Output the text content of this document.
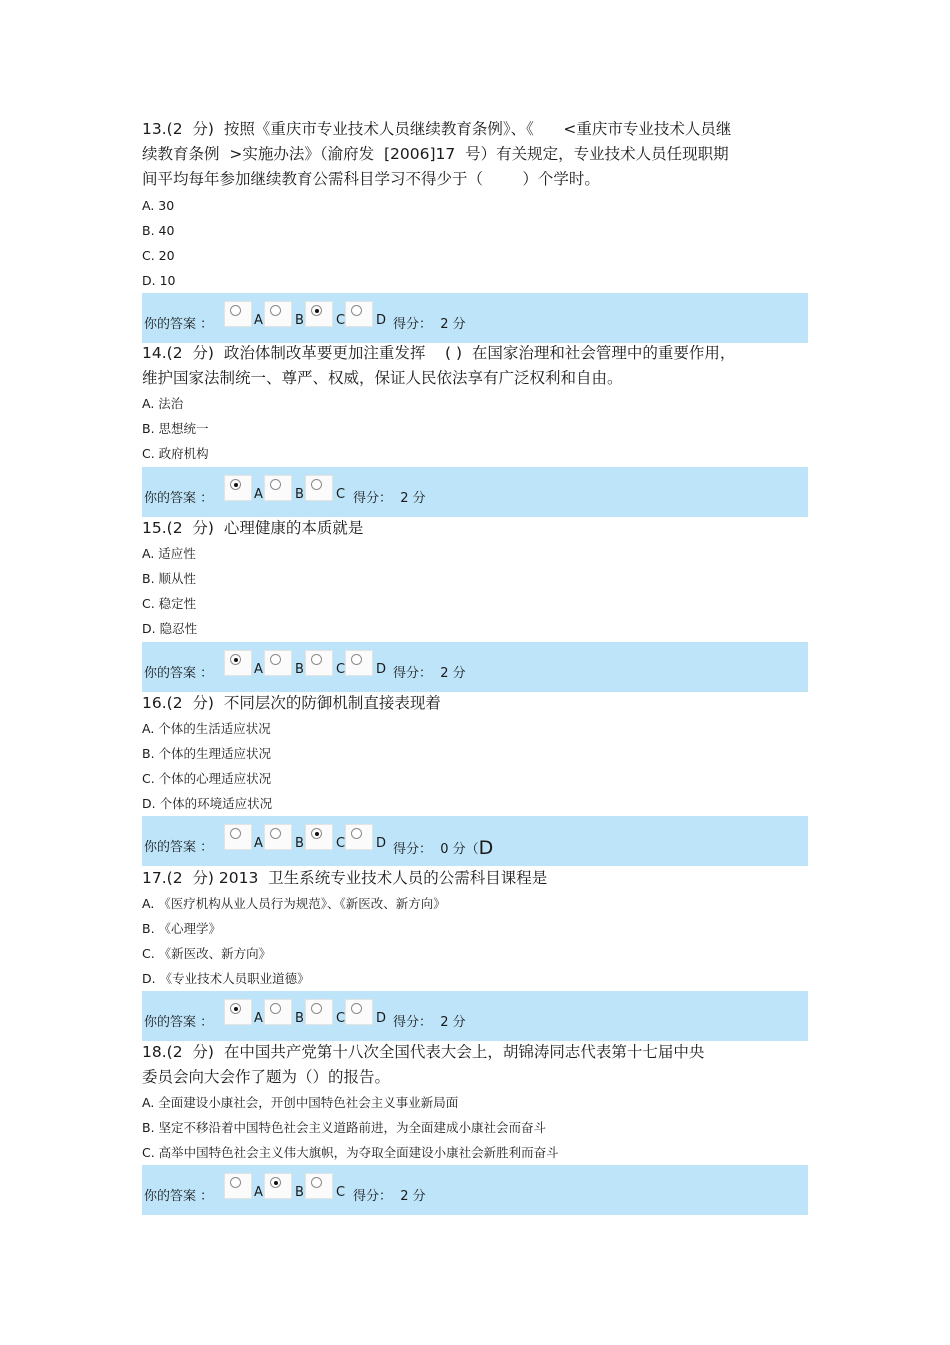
13.(2  分)  按照《重庆市专业技术人员继续教育条例》、《      <重庆市专业技术人员继
续教育条例  >实施办法》（渝府发  [2006]17  号）有关规定，专业技术人员任现职期
间平均每年参加继续教育公需科目学习不得少于（        ）个学时。

A. 30
B. 40
C. 20
D. 10
你的答案 ：	A B C D 得分：  2 分

14.(2  分)  政治体制改革要更加注重发挥    ( )  在国家治理和社会管理中的重要作用，
维护国家法制统一、尊严、权威，保证人民依法享有广泛权利和自由。

A. 法治
B. 思想统一
C. 政府机构
你的答案 ：	A B C 得分：  2 分

15.(2  分)  心理健康的本质就是

A. 适应性
B. 顺从性
C. 稳定性
D. 隐忍性
你的答案 ：	A B C D 得分：  2 分

16.(2  分)  不同层次的防御机制直接表现着

A. 个体的生活适应状况
B. 个体的生理适应状况
C. 个体的心理适应状况
D. 个体的环境适应状况
你的答案 ：	A B C D 得分：  0 分（D

17.(2  分) 2013  卫生系统专业技术人员的公需科目课程是

A. 《医疗机构从业人员行为规范》、《新医改、新方向》
B. 《心理学》
C. 《新医改、新方向》
D. 《专业技术人员职业道德》
你的答案 ：	A B C D 得分：  2 分

18.(2  分)  在中国共产党第十八次全国代表大会上，胡锦涛同志代表第十七届中央
委员会向大会作了题为（）的报告。

A. 全面建设小康社会，开创中国特色社会主义事业新局面
B. 坚定不移沿着中国特色社会主义道路前进，为全面建成小康社会而奋斗
C. 高举中国特色社会主义伟大旗帜，为夺取全面建设小康社会新胜利而奋斗
你的答案 ：	A B C 得分：  2 分
